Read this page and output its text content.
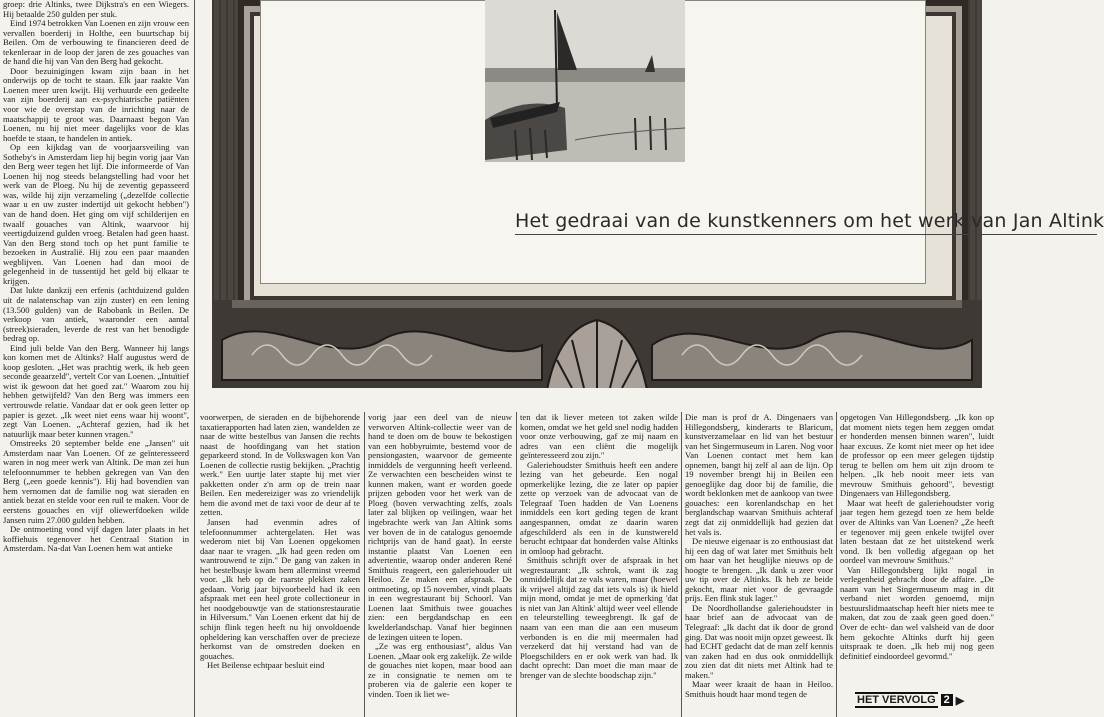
groep: drie Altinks, twee Dijkstra's en een Wiegers. Hij betaalde 250 gulden per stuk.

Eind 1974 betrokken Van Loenen en zijn vrouw een vervallen boerderij in Holthe, een buurtschap bij Beilen. Om de verbouwing te financieren deed de tekenleraar in de loop der jaren de zes gouaches van de hand die hij van Van den Berg had gekocht.

Door bezuinigingen kwam zijn baan in het onderwijs op de tocht te staan. Elk jaar raakte Van Loenen meer uren kwijt. Hij verhuurde een gedeelte van zijn boerderij aan ex-psychiatrische patiënten voor wie de overstap van de inrichting naar de maatschappij te groot was. Daarnaast begon Van Loenen, nu hij niet meer dagelijks voor de klas hoefde te staan, te handelen in antiek.

Op een kijkdag van de voorjaarsveiling van Sotheby's in Amsterdam liep hij begin vorig jaar Van den Berg weer tegen het lijf. Die informeerde of Van Loenen hij nog steeds belangstelling had voor het werk van de Ploeg. Nu hij de zeventig gepasseerd was, wilde hij zijn verzameling („dezelfde collectie waar u en uw zuster indertijd uit gekocht hebben") van de hand doen. Het ging om vijf schilderijen en twaalf gouaches van Altink, waarvoor hij veertigduizend gulden vroeg. Betalen had geen haast. Van den Berg stond toch op het punt familie te bezoeken in Australië. Hij zou een paar maanden wegblijven. Van Loenen had dan mooi de gelegenheid in de tussentijd het geld bij elkaar te krijgen.

Dat lukte dankzij een erfenis (achtduizend gulden uit de nalatenschap van zijn zuster) en een lening (13.500 gulden) van de Rabobank in Beilen. De verkoop van antiek, waaronder een aantal (streek)sieraden, leverde de rest van het benodigde bedrag op.

Eind juli belde Van den Berg. Wanneer hij langs kon komen met de Altinks? Half augustus werd de koop gesloten. „Het was prachtig werk, ik heb geen seconde geaarzeld", vertelt Cor van Loenen. „Intuïtief wist ik gewoon dat het goed zat." Waarom zou hij hebben getwijfeld? Van den Berg was immers een vertrouwde relatie. Vandaar dat er ook geen letter op papier is gezet. „Ik weet niet eens waar hij woont", zegt Van Loenen. „Achteraf gezien, had ik het natuurlijk maar beter kunnen vragen."

Omstreeks 20 september belde ene „Jansen" uit Amsterdam naar Van Loenen. Of ze geïnteresseerd waren in nog meer werk van Altink. De man zei hun telefoonnummer te hebben gekregen van Van den Berg („een goede kennis"). Hij had bovendien van hem vernomen dat de familie nog wat sieraden en antiek bezat en stelde voor een ruil te maken. Voor de eerstens gouaches en vijf oliewerfdoeken wilde Jansen ruim 27.000 gulden hebben.

De ontmoeting vond vijf dagen later plaats in het koffiehuis tegenover het Centraal Station in Amsterdam. Na-dat Van Loenen hem wat antieke

Het gedraai van de kunstkenners om het werk van Jan Altink

voorwerpen, de sieraden en de bijbehorende taxatierapporten had laten zien, wandelden ze naar de witte bestelbus van Jansen die rechts naast de hoofdingang van het station geparkeerd stond. In de Volkswagen kon Van Loenen de collectie rustig bekijken. „Prachtig werk." Een uurtje later stapte hij met vier pakketten onder z'n arm op de trein naar Beilen. Een medereiziger was zo vriendelijk hem die avond met de taxi voor de deur af te zetten.

Jansen had evenmin adres of telefoonnummer achtergelaten. Het was wederom niet bij Van Loenen opgekomen daar naar te vragen. „Ik had geen reden om wantrouwend te zijn." De gang van zaken in het bestelbusje kwam hem allerminst vreemd voor. „Ik heb op de raarste plekken zaken gedaan. Vorig jaar bijvoorbeeld had ik een afspraak met een heel grote collectioneur in het noodgebouwtje van de stationsrestauratie in Hilversum." Van Loenen erkent dat hij de schijn flink tegen heeft nu hij onvoldoende opheldering kan verschaffen over de precieze herkomst van de omstreden doeken en gouaches.

Het Beilense echtpaar besluit eind

vorig jaar een deel van de nieuw verworven Altink-collectie weer van de hand te doen om de bouw te bekostigen van een hobbyruimte, bestemd voor de pensiongasten, waarvoor de gemeente inmiddels de vergunning heeft verleend. Ze verwachten een bescheiden winst te kunnen maken, want er worden goede prijzen geboden voor het werk van de Ploeg (boven verwachting zelfs, zoals later zal blijken op veilingen, waar het ingebrachte werk van Jan Altink soms ver boven de in de catalogus genoemde richtprijs van de hand gaat). In eerste instantie plaatst Van Loenen een advertentie, waarop onder anderen René Smithuis reageert, een galeriehouder uit Heiloo. Ze maken een afspraak. De ontmoeting, op 15 november, vindt plaats in een wegrestaurant bij Schoorl. Van Loenen laat Smithuis twee gouaches zien: een bergdandschap en een kwelderlandschap. Vanaf hier beginnen de lezingen uiteen te lopen.

„Ze was erg enthousiast", aldus Van Loenen. „Maar ook erg zakelijk. Ze wilde de gouaches niet kopen, maar bood aan ze in consignatie te nemen om te proberen via de galerie een koper te vinden. Toen ik liet we-

ten dat ik liever meteen tot zaken wilde komen, omdat we het geld snel nodig hadden voor onze verbouwing, gaf ze mij naam en adres van een cliënt die mogelijk geïnteresseerd zou zijn."

Galeriehoudster Smithuis heeft een andere lezing van het gebeurde. Een nogal opmerkelijke lezing, die ze later op papier zette op verzoek van de advocaat van de Telegraaf Toen hadden de Van Loenens inmiddels een kort geding tegen de krant aangespannen, omdat ze daarin waren afgeschilderd als een in de kunstwereld berucht echtpaar dat honderden valse Altinks in omloop had gebracht.

Smithuis schrijft over de afspraak in het wegrestaurant: „Ik schrok, want ik zag onmiddellijk dat ze vals waren, maar (hoewel ik vrijwel altijd zag dat iets vals is) ik hield mijn mond, omdat je met de opmerking 'dat is niet van Jan Altink' altijd weer veel ellende en teleurstelling teweegbrengt. Ik gaf de naam van een man die aan een museum verbonden is en die mij meermalen had verzekerd dat hij verstand had van de Ploegschilders en er ook werk van had. Ik dacht oprecht: Dan moet die man maar de brenger van de slechte boodschap zijn."

Die man is prof dr A. Dingenaers van Hillegondsberg, kinderarts te Blaricum, kunstverzamelaar en lid van het bestuur van het Singermuseum in Laren. Nog voor Van Loenen contact met hem kan opnemen, bangt hij zelf al aan de lijn. Op 19 november brengt hij in Beilen een genoeglijke dag door bij de familie, die wordt beklonken met de aankoop van twee gouaches: een korenlandschap en het berglandschap waarvan Smithuis achteraf zegt dat zij onmiddellijk had gezien dat het vals is.

De nieuwe eigenaar is zo enthousiast dat hij een dag of wat later met Smithuis belt om haar van het heuglijke nieuws op de hoogte te brengen. „Ik dank u zeer voor uw tip over de Altinks. Ik heb ze beide gekocht, maar niet voor de gevraagde prijs. Een flink stuk lager."

De Noordhollandse galeriehoudster in haar brief aan de advocaat van de Telegraaf: „Ik dacht dat ik door de grond ging. Dat was nooit mijn opzet geweest. Ik had ECHT gedacht dat de man zelf kennis van zaken had en dus ook onmiddellijk zou zien dat dit niets met Altink had te maken."

Maar weer kraait de haan in Heiloo. Smithuis houdt haar mond tegen de

opgetogen Van Hillegondsberg. „Ik kon op dat moment niets tegen hem zeggen omdat er honderden mensen binnen waren", luidt haar excuus. Ze komt niet meer op het idee de professor op een meer gelegen tijdstip terug te bellen om hem uit zijn droom te helpen. „Ik heb nooit meer iets van mevrouw Smithuis gehoord", bevestigt Dingenaers van Hillegondsberg.

Maar wat heeft de galeriehoudster vorig jaar tegen hem gezegd toen ze hem belde over de Altinks van Van Loenen? „Ze heeft er tegenover mij geen enkele twijfel over laten bestaan dat ze het uitstekend werk vond. Ik ben volledig afgegaan op het oordeel van mevrouw Smithuis."

Van Hillegondsberg lijkt nogal in verlegenheid gebracht door de affaire. „De naam van het Singermuseum mag in dit verband niet worden genoemd, mijn bestuurslidmaatschap heeft hier niets mee te maken, dat zou de zaak geen goed doen." Over de echt- dan wel valsheid van de door hem gekochte Altinks durft hij geen uitspraak te doen. „Ik heb mij nog geen definitief eindoordeel gevormd."

HET VERVOLG 2 ▶
